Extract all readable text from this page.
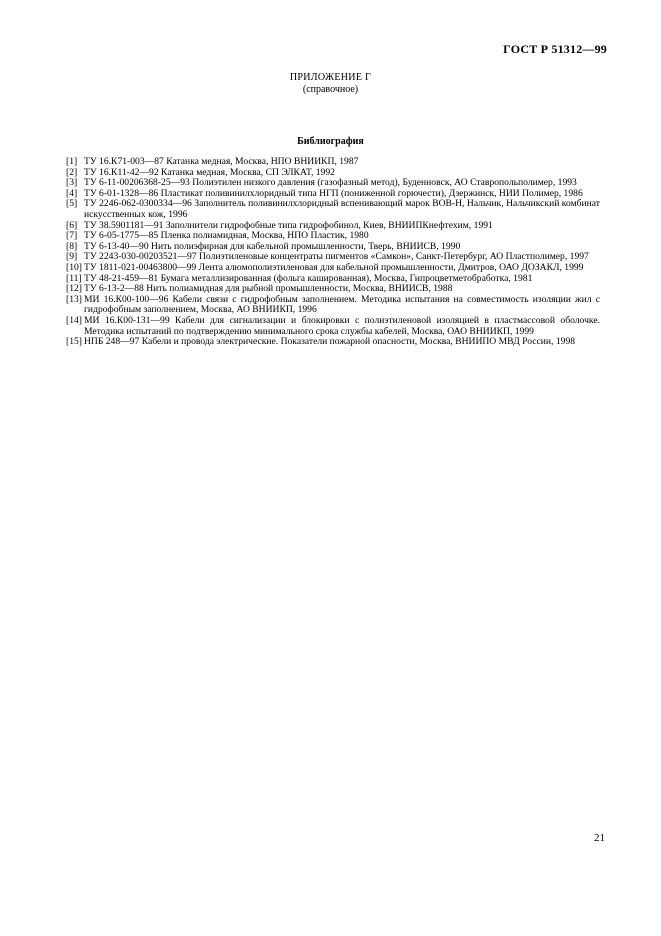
ГОСТ Р 51312—99
ПРИЛОЖЕНИЕ Г
(справочное)
Библиография
[1] ТУ 16.К71-003—87 Катанка медная, Москва, НПО ВНИИКП, 1987
[2] ТУ 16.К11-42—92 Катанка медная, Москва, СП ЭЛКАТ, 1992
[3] ТУ 6-11-00206368-25—93 Полиэтилен низкого давления (газофазный метод), Буденновск, АО Ставропольполимер, 1993
[4] ТУ 6-01-1328—86 Пластикат поливинилхлоридный типа НГП (пониженной горючести), Дзержинск, НИИ Полимер, 1986
[5] ТУ 2246-062-0300334—96 Заполнитель поливинилхлоридный вспенивающий марок ВОВ-Н, Нальчик, Нальчикский комбинат искусственных кож, 1996
[6] ТУ 38.5901181—91 Заполнители гидрофобные типа гидрофобинол, Киев, ВНИИПКнефтехим, 1991
[7] ТУ 6-05-1775—85 Пленка полиамидная, Москва, НПО Пластик, 1980
[8] ТУ 6-13-40—90 Нить полиэфирная для кабельной промышленности, Тверь, ВНИИСВ, 1990
[9] ТУ 2243-030-00203521—97 Полиэтиленовые концентраты пигментов «Самкон», Санкт-Петербург, АО Пластполимер, 1997
[10] ТУ 1811-021-00463800—99 Лента алюмополиэтиленовая для кабельной промышленности, Дмитров, ОАО ДОЗАКЛ, 1999
[11] ТУ 48-21-459—81 Бумага металлизированная (фольга кашированная), Москва, Гипроцветметобработка, 1981
[12] ТУ 6-13-2—88 Нить полиамидная для рыбной промышленности, Москва, ВНИИСВ, 1988
[13] МИ 16.К00-100—96 Кабели связи с гидрофобным заполнением. Методика испытания на совместимость изоляции жил с гидрофобным заполнением, Москва, АО ВНИИКП, 1996
[14] МИ 16.К00-131—99 Кабели для сигнализации и блокировки с полиэтиленовой изоляцией в пластмассовой оболочке. Методика испытаний по подтверждению минимального срока службы кабелей, Москва, ОАО ВНИИКП, 1999
[15] НПБ 248—97 Кабели и провода электрические. Показатели пожарной опасности, Москва, ВНИИПО МВД России, 1998
21
